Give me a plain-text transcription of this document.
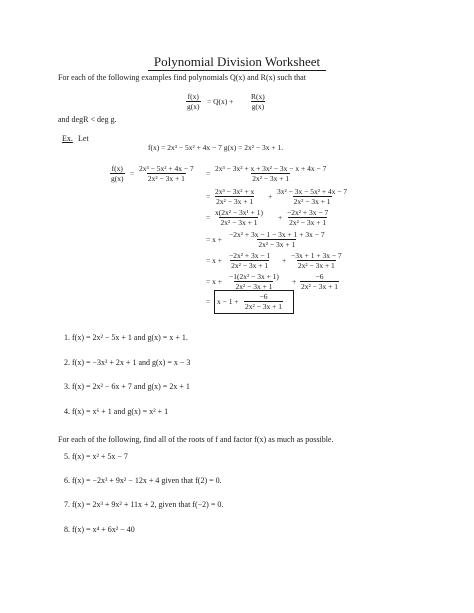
Polynomial Division Worksheet
For each of the following examples find polynomials Q(x) and R(x) such that
$\frac{f(x)}{g(x)} = Q(x) + \frac{R(x)}{g(x)}$
and degR < deg g.
Ex. Let
f(x) = 2x³ − 5x² + 4x − 7 g(x) = 2x² − 3x + 1.
$\frac{f(x)}{g(x)} = \frac{\text{2x³ − 5x² + 4x − 7}}{\text{2x² − 3x + 1}} = \frac{\text{2x³ − 3x² + x + 3x² − 3x − x + 4x − 7}}{\text{2x² − 3x + 1}}$
= $\frac{\text{2x³ − 3x² + x}}{\text{2x² − 3x + 1}} + \frac{\text{3x² − 3x − 5x² + 4x − 7}}{\text{2x² − 3x + 1}}$
= $\frac{\text{x(2x² − 3x¹ + 1)}}{\text{2x² − 3x + 1}} + \frac{\text{−2x² + 3x − 7}}{\text{2x² − 3x + 1}}$
= $x + \frac{\text{−2x² + 3x − 1 − 3x + 1 + 3x − 7}}{\text{2x² − 3x + 1}}$
= $x + \frac{\text{−2x² + 3x − 1}}{\text{2x² − 3x + 1}} + \frac{-3x + 1 + 3x - 7}{\text{2x² − 3x + 1}}$
= $x + \frac{\text{−1(2x² − 3x + 1)}}{\text{2x² − 3x + 1}} + \frac{-6}{\text{2x² − 3x + 1}}$
= $x - 1 + \frac{-6}{\text{2x² − 3x + 1}}$
1. f(x) = 2x² − 5x + 1 and g(x) = x + 1.
2. f(x) = −3x³ + 2x + 1 and g(x) = x − 3
3. f(x) = 2x² − 6x + 7 and g(x) = 2x + 1
4. f(x) = x⁶ + 1 and g(x) = x² + 1
For each of the following, find all of the roots of f and factor f(x) as much as possible.
5. f(x) = x² + 5x − 7
6. f(x) = −2x³ + 9x² − 12x + 4 given that f(2) = 0.
7. f(x) = 2x³ + 9x² + 11x + 2, given that f(−2) = 0.
8. f(x) = x⁴ + 6x² − 40
